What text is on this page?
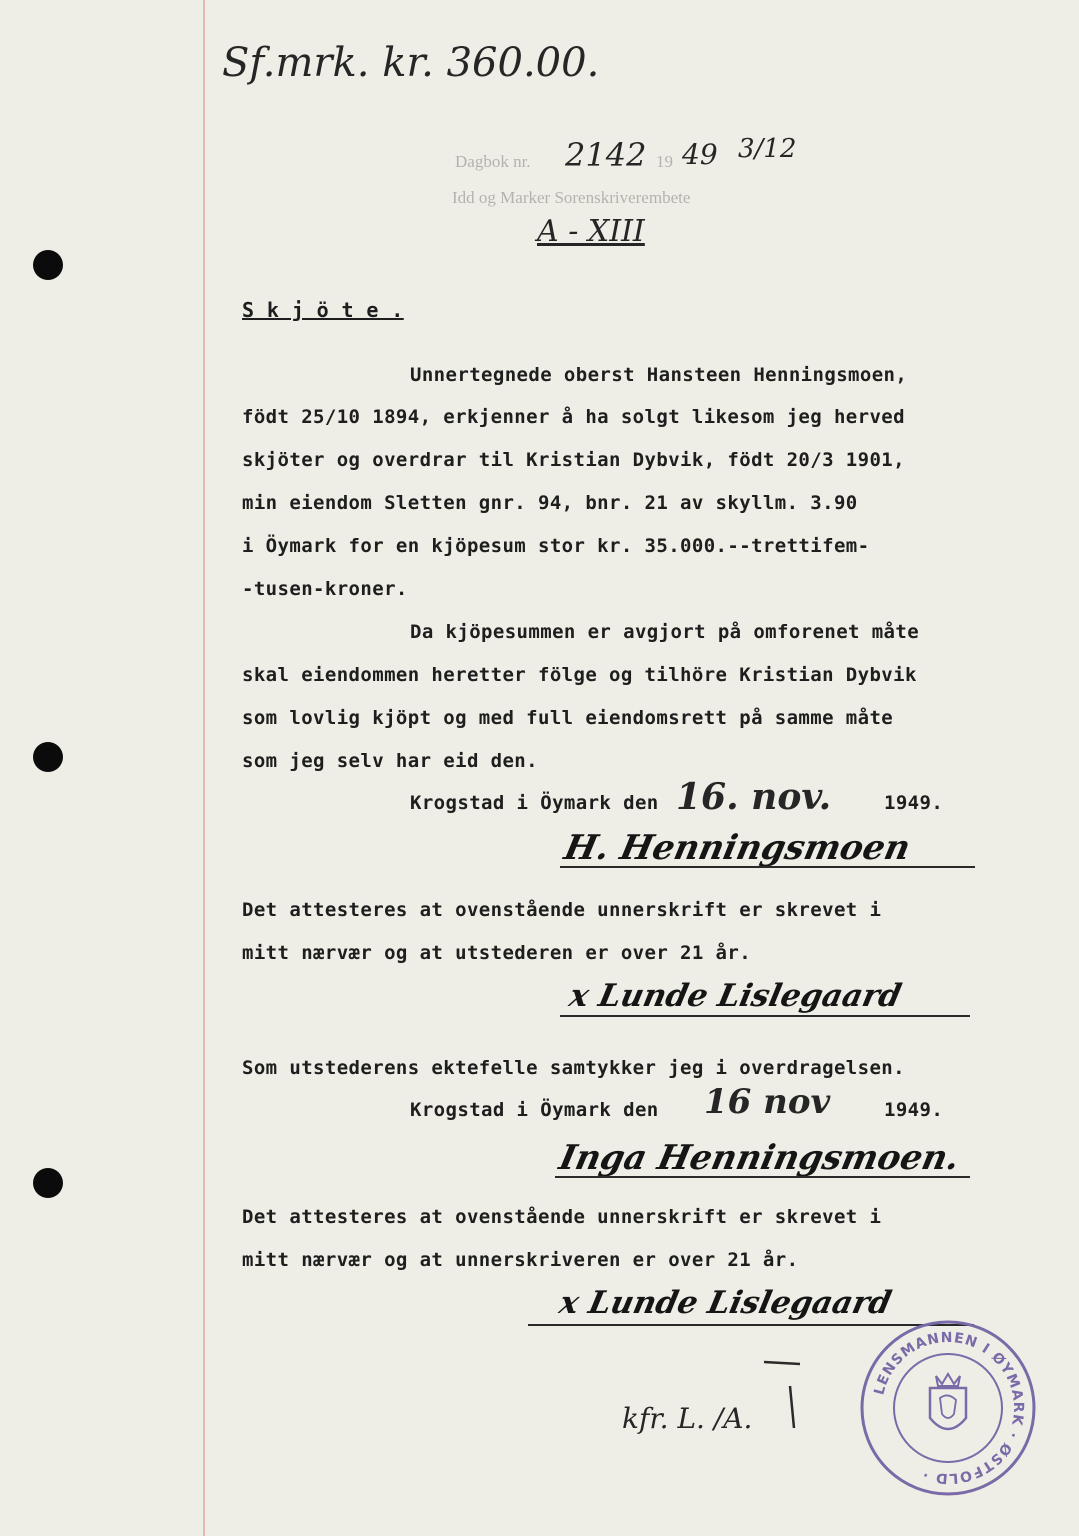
Sf.mrk. kr. 360.00.
Dagbok nr. 2142 19 49 3/12
Idd og Marker Sorenskriverembete
A - XIII
S k j ö t e .
Unnertegnede oberst Hansteen Henningsmoen,
födt 25/10 1894, erkjenner å ha solgt likesom jeg herved
skjöter og overdrar til Kristian Dybvik, födt 20/3 1901,
min eiendom Sletten gnr. 94, bnr. 21 av skyllm. 3.90
i Öymark for en kjöpesum stor kr. 35.000.--trettifem-
-tusen-kroner.
Da kjöpesummen er avgjort på omforenet måte
skal eiendommen heretter fölge og tilhöre Kristian Dybvik
som lovlig kjöpt og med full eiendomsrett på samme måte
som jeg selv har eid den.
Krogstad i Öymark den 16. nov.	1949.
H. Henningsmoen
Det attesteres at ovenstående unnerskrift er skrevet i
mitt nærvær og at utstederen er over 21 år.
x Lunde Lislegaard
Som utstederens ektefelle samtykker jeg i overdragelsen.
Krogstad i Öymark den 16 nov	1949.
Inga Henningsmoen.
Det attesteres at ovenstående unnerskrift er skrevet i
mitt nærvær og at unnerskriveren er over 21 år.
x Lunde Lislegaard
kfr. L. /A.
LENSMANNEN I ØYMARK · ØSTFOLD ·
